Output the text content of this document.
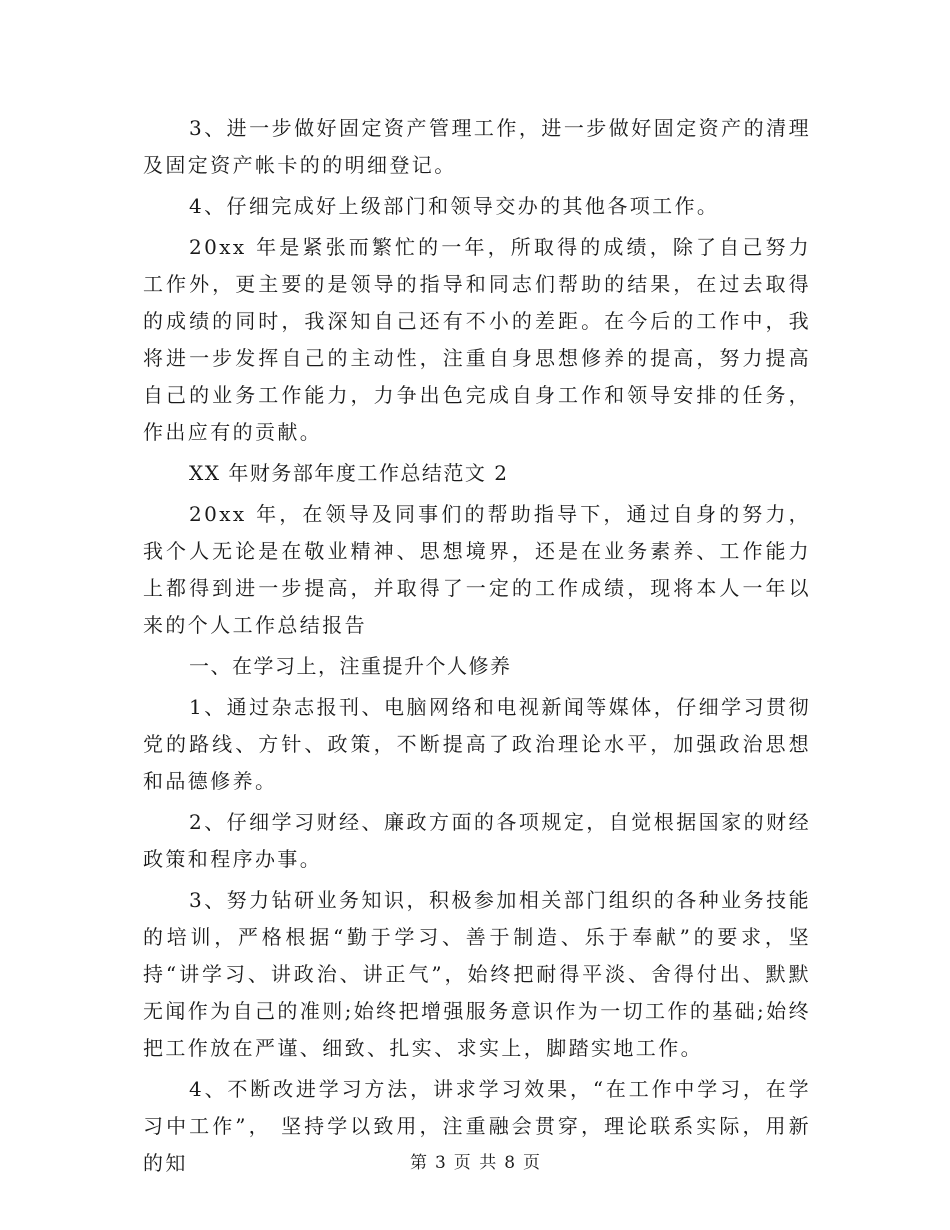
3、进一步做好固定资产管理工作，进一步做好固定资产的清理及固定资产帐卡的的明细登记。

4、仔细完成好上级部门和领导交办的其他各项工作。

20xx 年是紧张而繁忙的一年，所取得的成绩，除了自己努力工作外，更主要的是领导的指导和同志们帮助的结果，在过去取得的成绩的同时，我深知自己还有不小的差距。在今后的工作中，我将进一步发挥自己的主动性，注重自身思想修养的提高，努力提高自己的业务工作能力，力争出色完成自身工作和领导安排的任务，作出应有的贡献。

XX 年财务部年度工作总结范文 2

20xx 年，在领导及同事们的帮助指导下，通过自身的努力，我个人无论是在敬业精神、思想境界，还是在业务素养、工作能力上都得到进一步提高，并取得了一定的工作成绩，现将本人一年以来的个人工作总结报告

一、在学习上，注重提升个人修养

1、通过杂志报刊、电脑网络和电视新闻等媒体，仔细学习贯彻党的路线、方针、政策，不断提高了政治理论水平，加强政治思想和品德修养。

2、仔细学习财经、廉政方面的各项规定，自觉根据国家的财经政策和程序办事。

3、努力钻研业务知识，积极参加相关部门组织的各种业务技能的培训，严格根据“勤于学习、善于制造、乐于奉献”的要求，坚持“讲学习、讲政治、讲正气”，始终把耐得平淡、舍得付出、默默无闻作为自己的准则;始终把增强服务意识作为一切工作的基础;始终把工作放在严谨、细致、扎实、求实上，脚踏实地工作。

4、不断改进学习方法，讲求学习效果，“在工作中学习，在学习中工作”， 坚持学以致用，注重融会贯穿，理论联系实际，用新的知	第 3 页 共 8 页
